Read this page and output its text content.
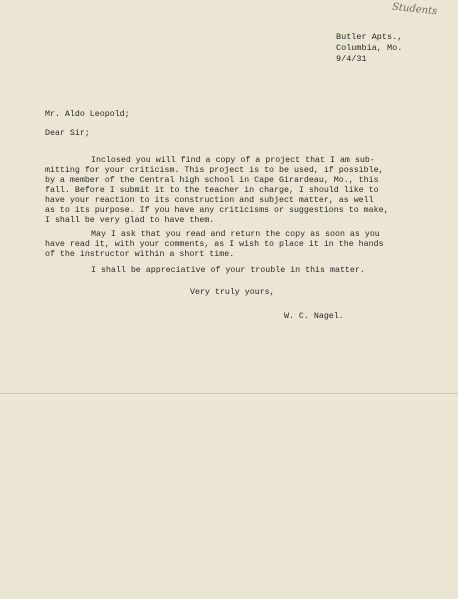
Students
Butler Apts.,
Columbia, Mo.
9/4/31
Mr. Aldo Leopold;
Dear Sir;
Inclosed you will find a copy of a project that I am sub-
mitting for your criticism. This project is to be used, if possible,
by a member of the Central high school in Cape Girardeau, Mo., this
fall. Before I submit it to the teacher in charge, I should like to
have your reaction to its construction and subject matter, as well
as to its purpose. If you have any criticisms or suggestions to make,
I shall be very glad to have them.
May I ask that you read and return the copy as soon as you
have read it, with your comments, as I wish to place it in the hands
of the instructor within a short time.
I shall be appreciative of your trouble in this matter.
Very truly yours,
W. C. Nagel.
